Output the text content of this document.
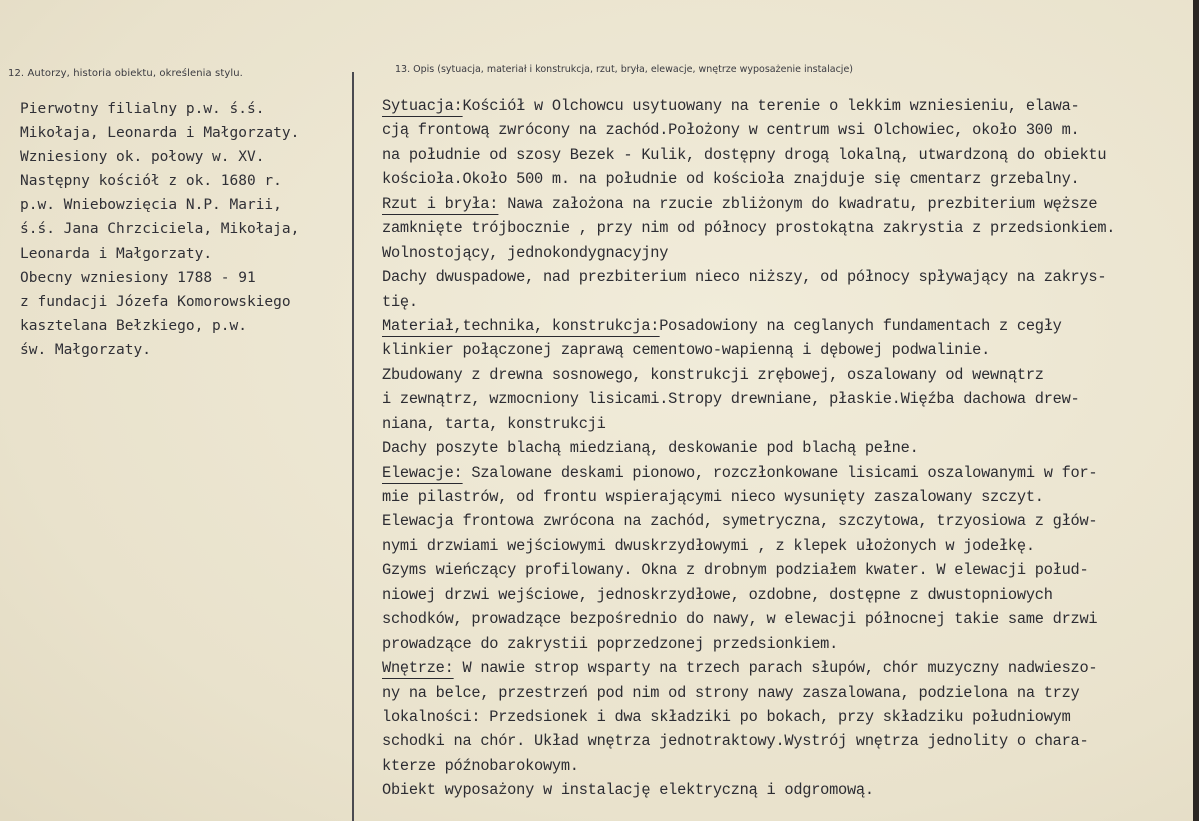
12. Autorzy, historia obiektu, określenia stylu.	13. Opis (sytuacja, materiał i konstrukcja, rzut, bryła, elewacje, wnętrze wyposażenie instalacje)
Pierwotny filialny p.w. ś.ś.
Mikołaja, Leonarda i Małgorzaty.
Wzniesiony ok. połowy w. XV.
Następny kościół z ok. 1680 r.
p.w. Wniebowzięcia N.P. Marii,
ś.ś. Jana Chrzciciela, Mikołaja,
Leonarda i Małgorzaty.
Obecny wzniesiony 1788 - 91
z fundacji Józefa Komorowskiego
kasztelana Bełzkiego, p.w.
św. Małgorzaty.
Sytuacja:Kościół w Olchowcu usytuowany na terenie o lekkim wzniesieniu, elawa-
cją frontową zwrócony na zachód.Położony w centrum wsi Olchowiec, około 300 m.
na południe od szosy Bezek - Kulik, dostępny drogą lokalną, utwardzoną do obiektu
kościoła.Około 500 m. na południe od kościoła znajduje się cmentarz grzebalny.
Rzut i bryła: Nawa założona na rzucie zbliżonym do kwadratu, prezbiterium węższe
zamknięte trójbocznie , przy nim od północy prostokątna zakrystia z przedsionkiem.
Wolnostojący, jednokondygnacyjny
Dachy dwuspadowe, nad prezbiterium nieco niższy, od północy spływający na zakrys-
tię.
Materiał,technika, konstrukcja:Posadowiony na ceglanych fundamentach z cegły
klinkier połączonej zaprawą cementowo-wapienną i dębowej podwalinie.
Zbudowany z drewna sosnowego, konstrukcji zrębowej, oszalowany od wewnątrz
i zewnątrz, wzmocniony lisicami.Stropy drewniane, płaskie.Więźba dachowa drew-
niana, tarta, konstrukcji
Dachy poszyte blachą miedzianą, deskowanie pod blachą pełne.
Elewacje: Szalowane deskami pionowo, rozczłonkowane lisicami oszalowanymi w for-
mie pilastrów, od frontu wspierającymi nieco wysunięty zaszalowany szczyt.
Elewacja frontowa zwrócona na zachód, symetryczna, szczytowa, trzyosiowa z głów-
nymi drzwiami wejściowymi dwuskrzydłowymi , z klepek ułożonych w jodełkę.
Gzyms wieńczący profilowany. Okna z drobnym podziałem kwater. W elewacji połud-
niowej drzwi wejściowe, jednoskrzydłowe, ozdobne, dostępne z dwustopniowych
schodków, prowadzące bezpośrednio do nawy, w elewacji północnej takie same drzwi
prowadzące do zakrystii poprzedzonej przedsionkiem.
Wnętrze: W nawie strop wsparty na trzech parach słupów, chór muzyczny nadwieszo-
ny na belce, przestrzeń pod nim od strony nawy zaszalowana, podzielona na trzy
lokalności: Przedsionek i dwa składziki po bokach, przy składziku południowym
schodki na chór. Układ wnętrza jednotraktowy.Wystrój wnętrza jednolity o chara-
kterze późnobarokowym.
Obiekt wyposażony w instalację elektryczną i odgromową.
